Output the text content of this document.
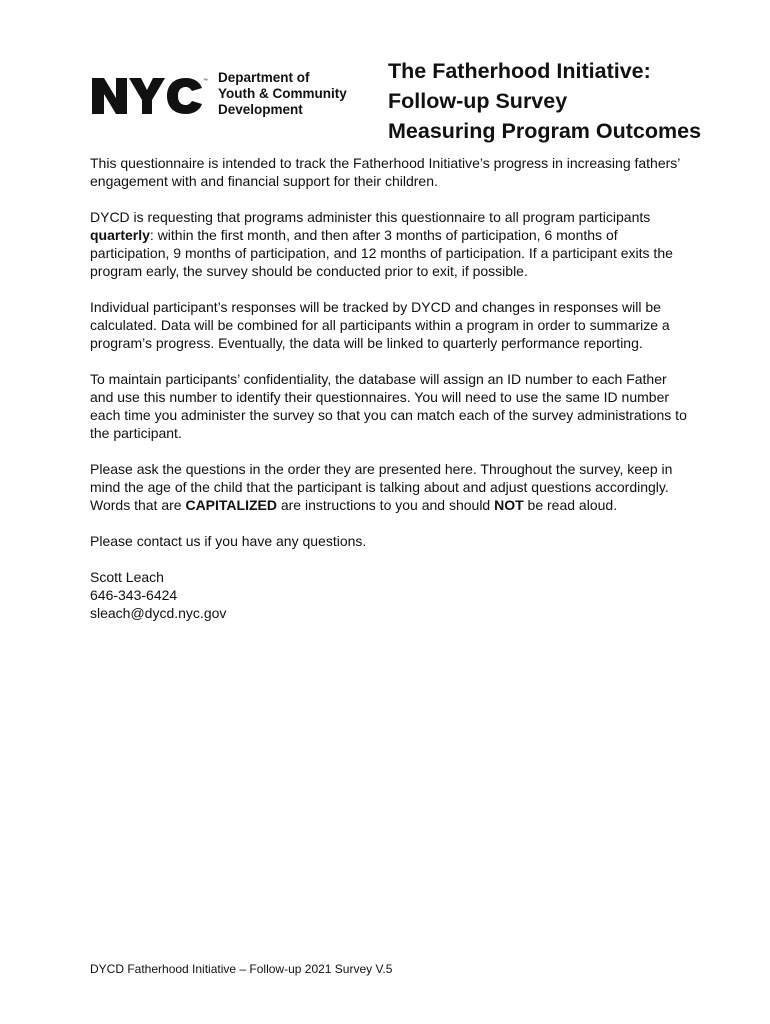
™ Department of
Youth & Community
Development
The Fatherhood Initiative:
Follow-up Survey
Measuring Program Outcomes

This questionnaire is intended to track the Fatherhood Initiative’s progress in increasing fathers’ engagement with and financial support for their children.

DYCD is requesting that programs administer this questionnaire to all program participants quarterly: within the first month, and then after 3 months of participation, 6 months of participation, 9 months of participation, and 12 months of participation. If a participant exits the program early, the survey should be conducted prior to exit, if possible.

Individual participant’s responses will be tracked by DYCD and changes in responses will be calculated. Data will be combined for all participants within a program in order to summarize a program’s progress. Eventually, the data will be linked to quarterly performance reporting.

To maintain participants’ confidentiality, the database will assign an ID number to each Father and use this number to identify their questionnaires. You will need to use the same ID number each time you administer the survey so that you can match each of the survey administrations to the participant.

Please ask the questions in the order they are presented here. Throughout the survey, keep in mind the age of the child that the participant is talking about and adjust questions accordingly. Words that are CAPITALIZED are instructions to you and should NOT be read aloud.

Please contact us if you have any questions.

Scott Leach
646-343-6424
sleach@dycd.nyc.gov
DYCD Fatherhood Initiative – Follow-up 2021 Survey V.5
